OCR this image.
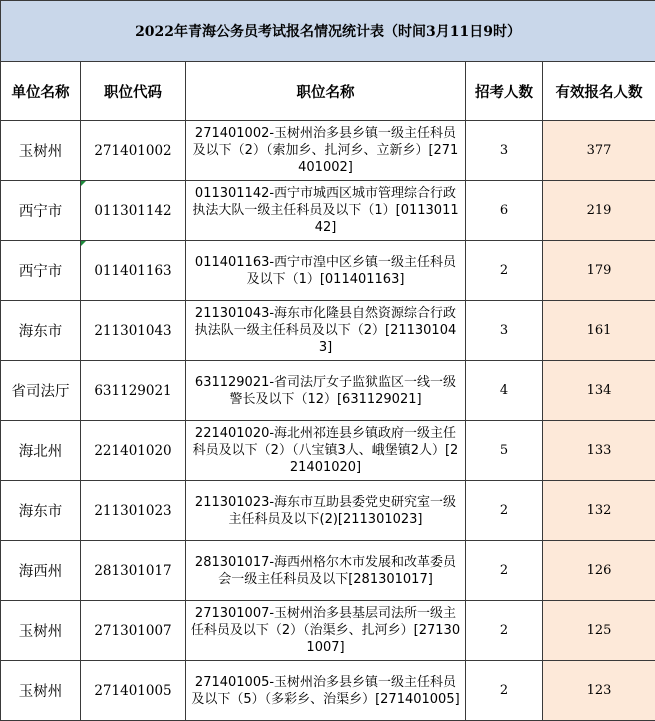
2022年青海公务员考试报名情况统计表（时间3月11日9时）				
单位名称	职位代码	职位名称	招考人数	有效报名人数
玉树州	271401002	271401002-玉树州治多县乡镇一级主任科员及以下（2）（索加乡、扎河乡、立新乡）[271401002]	3	377
西宁市	011301142	011301142-西宁市城西区城市管理综合行政执法大队一级主任科员及以下（1）[011301142]	6	219
西宁市	011401163	011401163-西宁市湟中区乡镇一级主任科员及以下（1）[011401163]	2	179
海东市	211301043	211301043-海东市化隆县自然资源综合行政执法队一级主任科员及以下（2）[211301043]	3	161
省司法厅	631129021	631129021-省司法厅女子监狱监区一线一级警长及以下（12）[631129021]	4	134
海北州	221401020	221401020-海北州祁连县乡镇政府一级主任科员及以下（2）（八宝镇3人、峨堡镇2人）[221401020]	5	133
海东市	211301023	211301023-海东市互助县委党史研究室一级主任科员及以下(2)[211301023]	2	132
海西州	281301017	281301017-海西州格尔木市发展和改革委员会一级主任科员及以下[281301017]	2	126
玉树州	271301007	271301007-玉树州治多县基层司法所一级主任科员及以下（2）（治渠乡、扎河乡）[271301007]	2	125
玉树州	271401005	271401005-玉树州治多县乡镇一级主任科员及以下（5）（多彩乡、治渠乡）[271401005]	2	123
